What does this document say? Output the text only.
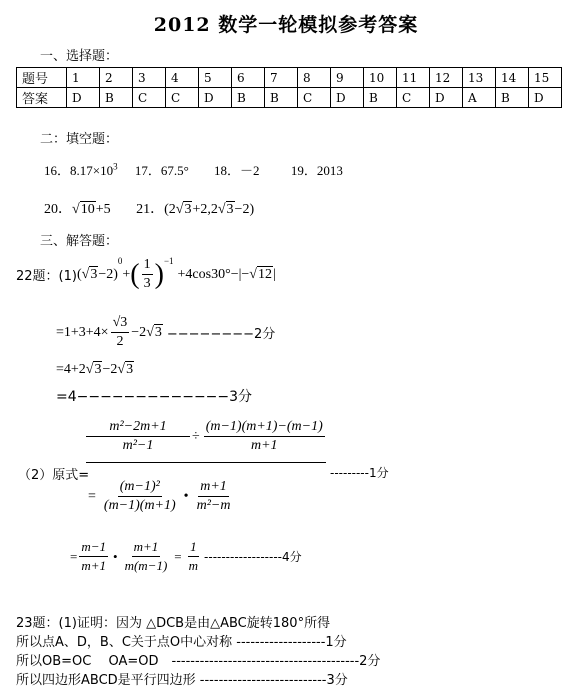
2012 数学一轮模拟参考答案
一、选择题：
题号	1	2	3	4	5	6	7	8	9	10	11	12	13	14	15
答案	D	B	C	C	D	B	B	C	D	B	C	D	A	B	D
二：填空题：
16．$8.17\times 10^3$ 17．67.5° 18．－2 19．2013
20．√10+5 21．(2√3+2,2√3−2)
三、解答题：
22题：(1) ( √ 3 −2)
0
+ ( $\frac{1}{3} )^{-1}$
+4cos30°−|− √ 12 |
$=1+3+4\times \frac{√3}{2} -2$ √ 3 −−−−−−−−2分
=4+2√3−2√3
=4−−−−−−−−−−−−−3分
$\frac{\text{m²−2m+1}}{\text{m²−1}} \div \frac{(m-1)(m+1)-(m-1)}{m+1}$
（2）原式=	---------1分
= $\frac{\text{(m−1)²}}{(m-1)(m+1)}$ • $\frac{m+1}{\text{m²−m}}$
= $\frac{m-1}{m+1}$ • $\frac{m+1}{m(m-1)} = \frac{1}{m} ------------------4$分
23题：(1)证明：因为 △DCB是由△ABC旋转180°所得
所以点A、D，B、C关于点O中心对称 -------------------1分
所以OB=OC　 OA=OD　----------------------------------------2分
所以四边形ABCD是平行四边形 ---------------------------3分
